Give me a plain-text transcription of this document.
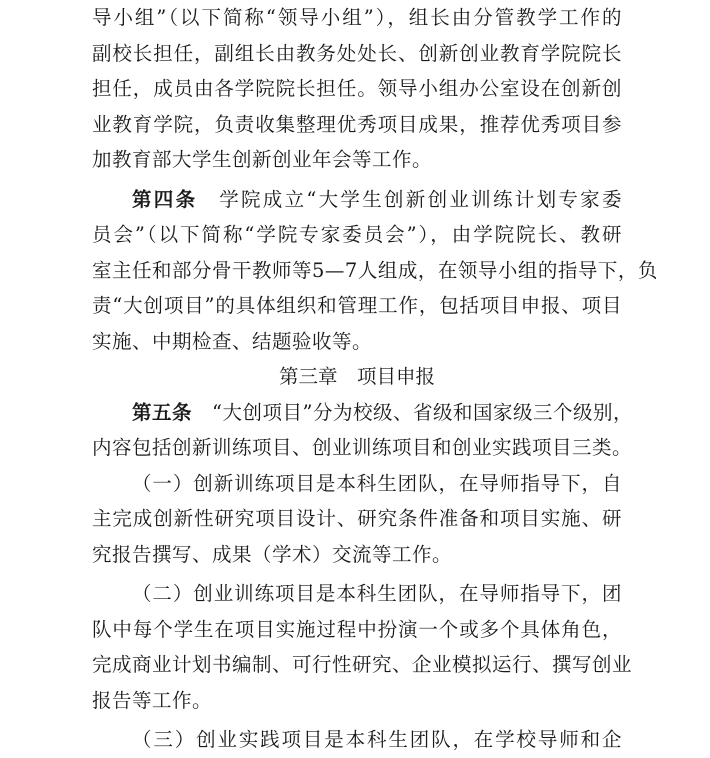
导小组”（以下简称“领导小组”），组长由分管教学工作的
副校长担任，副组长由教务处处长、创新创业教育学院院长
担任，成员由各学院院长担任。领导小组办公室设在创新创
业教育学院，负责收集整理优秀项目成果，推荐优秀项目参
加教育部大学生创新创业年会等工作。
第四条　 学院成立“大学生创新创业训练计划专家委
员会”（以下简称“学院专家委员会”），由学院院长、教研
室主任和部分骨干教师等5—7人组成，在领导小组的指导下，负
责“大创项目”的具体组织和管理工作，包括项目申报、项目
实施、中期检查、结题验收等。
第三章　项目申报
第五条　 “大创项目”分为校级、省级和国家级三个级别，
内容包括创新训练项目、创业训练项目和创业实践项目三类。
（一）创新训练项目是本科生团队，在导师指导下，自
主完成创新性研究项目设计、研究条件准备和项目实施、研
究报告撰写、成果（学术）交流等工作。
（二）创业训练项目是本科生团队，在导师指导下，团
队中每个学生在项目实施过程中扮演一个或多个具体角色，
完成商业计划书编制、可行性研究、企业模拟运行、撰写创业
报告等工作。
（三）创业实践项目是本科生团队，在学校导师和企
